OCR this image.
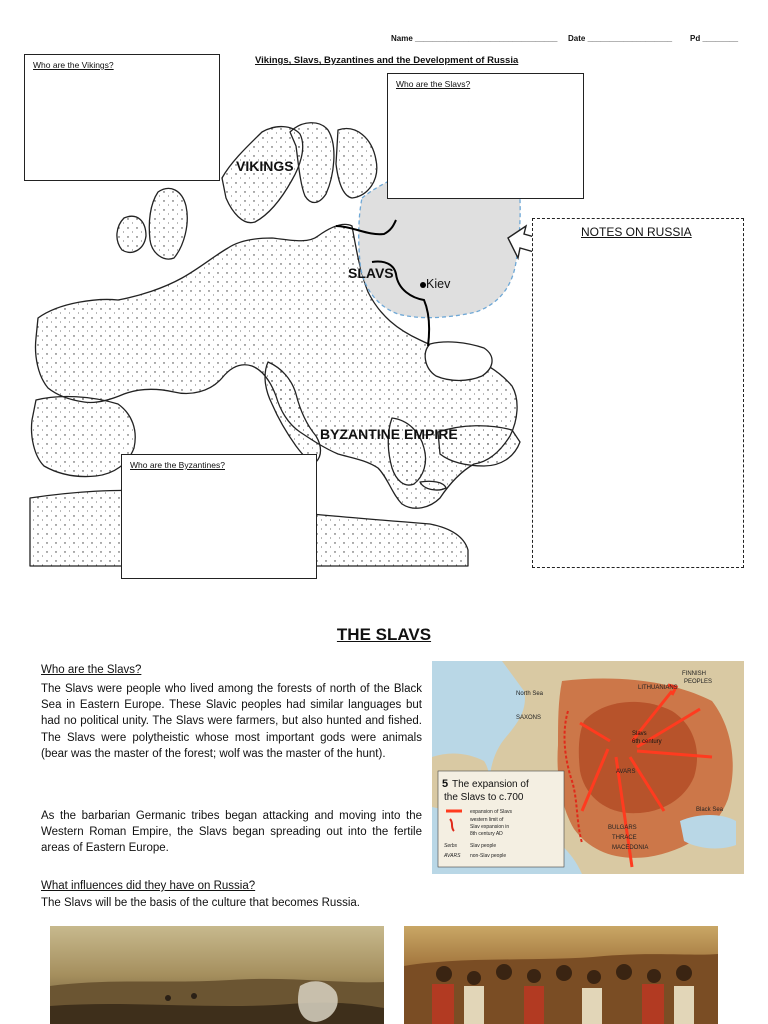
Name ________________________________ Date ___________________ Pd ________
Vikings, Slavs, Byzantines and the Development of Russia
VIKINGS
SLAVS
Kiev
BYZANTINE EMPIRE
Who are the Vikings?
Who are the Slavs?
Who are the Byzantines?
NOTES ON RUSSIA
THE SLAVS
Who are the Slavs?
The Slavs were people who lived among the forests of north of the Black Sea in Eastern Europe. These Slavic peoples had similar languages but had no political unity. The Slavs were farmers, but also hunted and fished. The Slavs were polytheistic whose most important gods were animals (bear was the master of the forest; wolf was the master of the hunt).
As the barbarian Germanic tribes began attacking and moving into the Western Roman Empire, the Slavs began spreading out into the fertile areas of Eastern Europe.
What influences did they have on Russia?
The Slavs will be the basis of the culture that becomes Russia.
North Sea
SAXONS
Black Sea
AVARS
BULGARS
THRACE
MACEDONIA
FINNISH
PEOPLES
LITHUANIANS
Slavs
6th century
5 The expansion of
the Slavs to c.700
expansion of Slavs
western limit of
Slav expansion in
8th century AD
Serbs	Slav people
AVARS non-Slav people
